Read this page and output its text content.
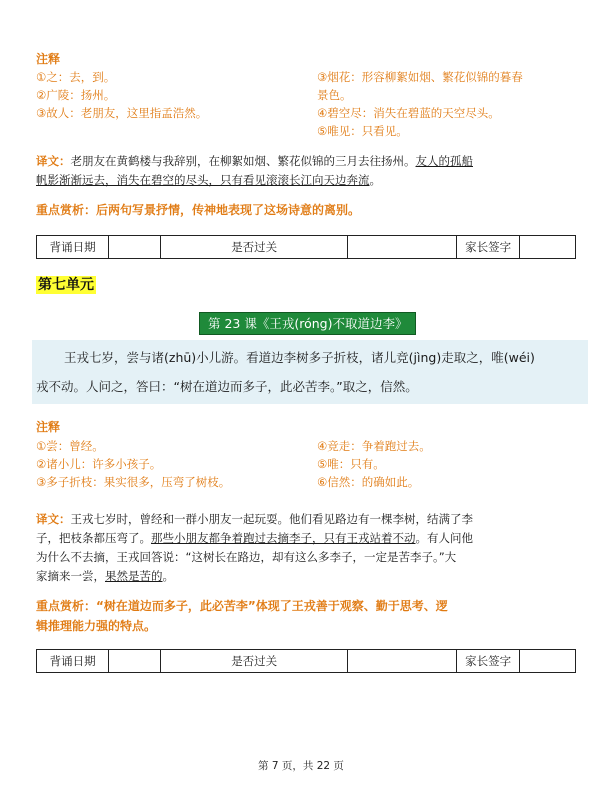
注释
①之：去，到。
②广陵：扬州。
③故人：老朋友，这里指孟浩然。
③烟花：形容柳絮如烟、繁花似锦的暮春
景色。
④碧空尽：消失在碧蓝的天空尽头。
⑤唯见：只看见。
译文：老朋友在黄鹤楼与我辞别，在柳絮如烟、繁花似锦的三月去往扬州。友人的孤船
帆影渐渐远去，消失在碧空的尽头，只有看见滚滚长江向天边奔流。
重点赏析：后两句写景抒情，传神地表现了这场诗意的离别。
背诵日期		是否过关		家长签字	
第七单元
第 23 课《王戎(róng)不取道边李》
王戎七岁，尝与诸(zhū)小儿游。看道边李树多子折枝，诸儿竞(jìng)走取之，唯(wéi)
戎不动。人问之，答曰：“树在道边而多子，此必苦李。”取之，信然。
注释
①尝：曾经。
②诸小儿：许多小孩子。
③多子折枝：果实很多，压弯了树枝。
④竞走：争着跑过去。
⑤唯：只有。
⑥信然：的确如此。
译文：王戎七岁时，曾经和一群小朋友一起玩耍。他们看见路边有一棵李树，结满了李
子，把枝条都压弯了。那些小朋友都争着跑过去摘李子，只有王戎站着不动。有人问他
为什么不去摘，王戎回答说：“这树长在路边，却有这么多李子，一定是苦李子。”大
家摘来一尝，果然是苦的。
重点赏析：“树在道边而多子，此必苦李”体现了王戎善于观察、勤于思考、逻
辑推理能力强的特点。
背诵日期		是否过关		家长签字	
第 7 页，共 22 页
